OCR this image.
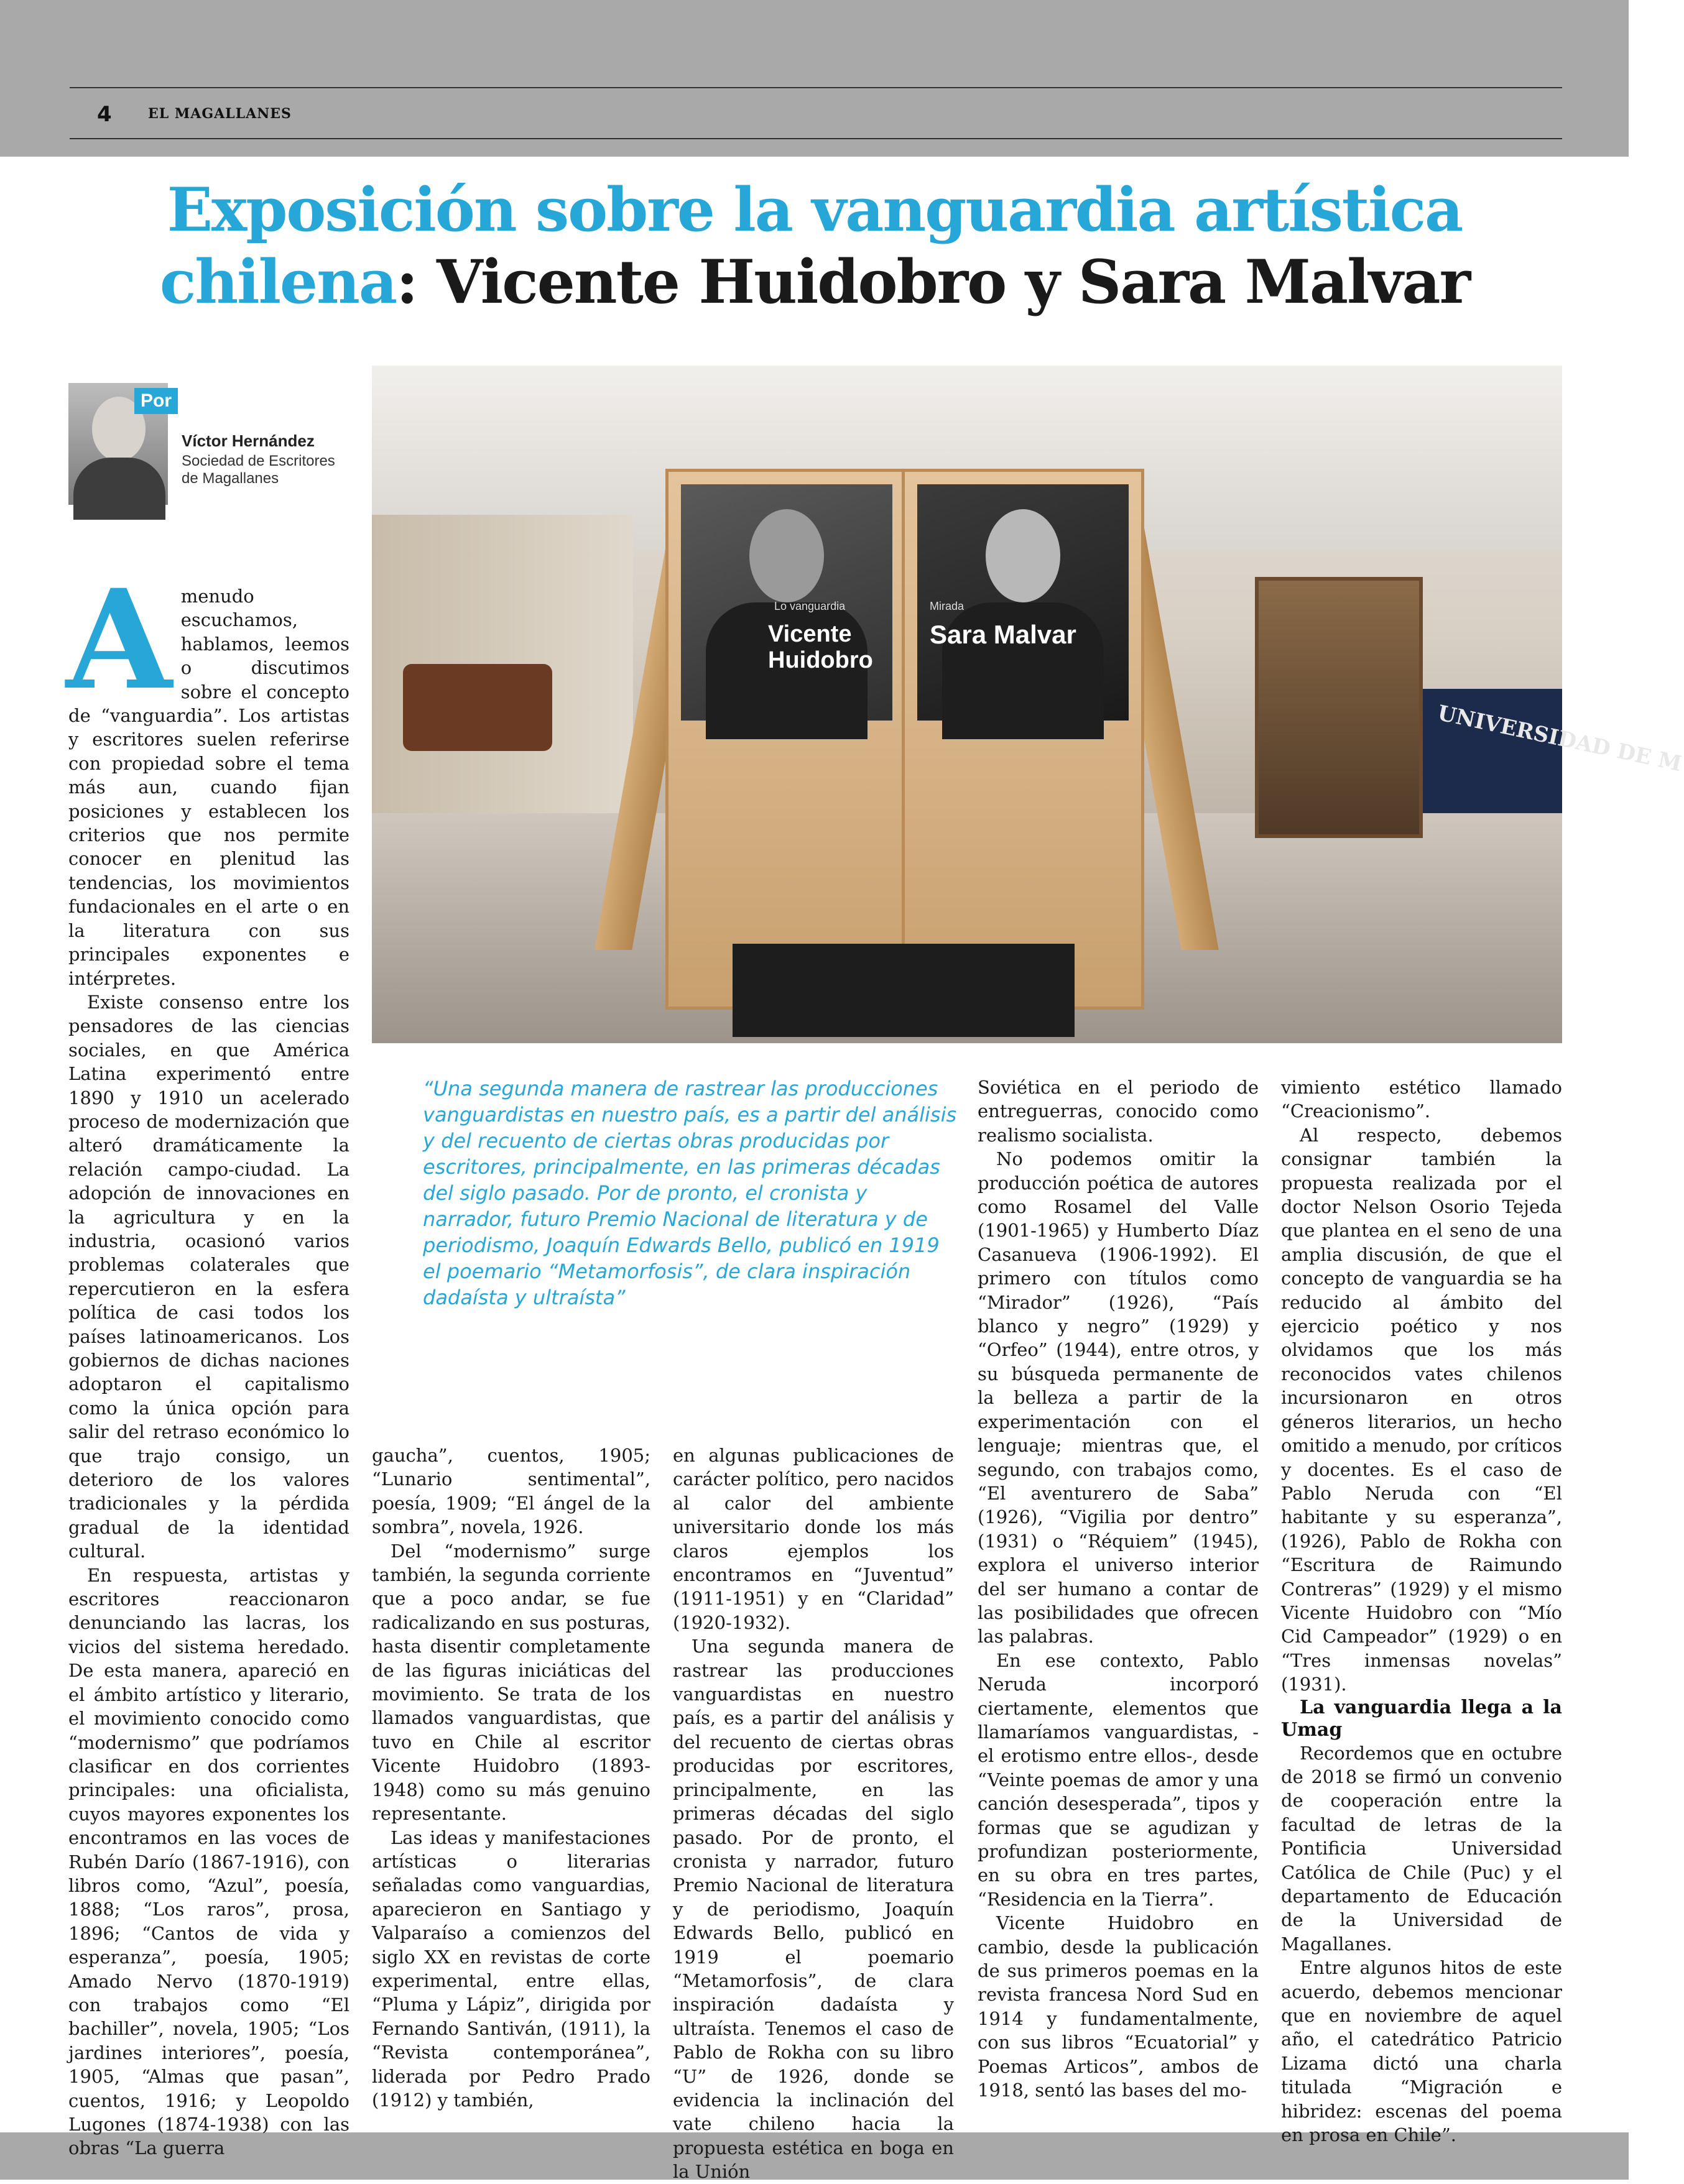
4	EL MAGALLANES
Exposición sobre la vanguardia artística chilena: Vicente Huidobro y Sara Malvar
Por
Víctor Hernández
Sociedad de Escritores de Magallanes
UNIVERSIDAD DE M
Lo vanguardia
Vicente Huidobro
Mirada
Sara Malvar
“Una segunda manera de rastrear las producciones vanguardistas en nuestro país, es a partir del análisis y del recuento de ciertas obras producidas por escritores, principalmente, en las primeras décadas del siglo pasado. Por de pronto, el cronista y narrador, futuro Premio Nacional de literatura y de periodismo, Joaquín Edwards Bello, publicó en 1919 el poemario “Metamorfosis”, de clara inspiración dadaísta y ultraísta”
A menudo escuchamos, hablamos, leemos o discutimos sobre el concepto de “vanguardia”. Los artistas y escritores suelen referirse con propiedad sobre el tema más aun, cuando fijan posiciones y establecen los criterios que nos permite conocer en plenitud las tendencias, los movimientos fundacionales en el arte o en la literatura con sus principales exponentes e intérpretes.

Existe consenso entre los pensadores de las ciencias sociales, en que América Latina experimentó entre 1890 y 1910 un acelerado proceso de modernización que alteró dramáticamente la relación campo-ciudad. La adopción de innovaciones en la agricultura y en la industria, ocasionó varios problemas colaterales que repercutieron en la esfera política de casi todos los países latinoamericanos. Los gobiernos de dichas naciones adoptaron el capitalismo como la única opción para salir del retraso económico lo que trajo consigo, un deterioro de los valores tradicionales y la pérdida gradual de la identidad cultural.

En respuesta, artistas y escritores reaccionaron denunciando las lacras, los vicios del sistema heredado. De esta manera, apareció en el ámbito artístico y literario, el movimiento conocido como “modernismo” que podríamos clasificar en dos corrientes principales: una oficialista, cuyos mayores exponentes los encontramos en las voces de Rubén Darío (1867-1916), con libros como, “Azul”, poesía, 1888; “Los raros”, prosa, 1896; “Cantos de vida y esperanza”, poesía, 1905; Amado Nervo (1870-1919) con trabajos como “El bachiller”, novela, 1905; “Los jardines interiores”, poesía, 1905, “Almas que pasan”, cuentos, 1916; y Leopoldo Lugones (1874-1938) con las obras “La guerra

gaucha”, cuentos, 1905; “Lunario sentimental”, poesía, 1909; “El ángel de la sombra”, novela, 1926.

Del “modernismo” surge también, la segunda corriente que a poco andar, se fue radicalizando en sus posturas, hasta disentir completamente de las figuras iniciáticas del movimiento. Se trata de los llamados vanguardistas, que tuvo en Chile al escritor Vicente Huidobro (1893-1948) como su más genuino representante.

Las ideas y manifestaciones artísticas o literarias señaladas como vanguardias, aparecieron en Santiago y Valparaíso a comienzos del siglo XX en revistas de corte experimental, entre ellas, “Pluma y Lápiz”, dirigida por Fernando Santiván, (1911), la “Revista contemporánea”, liderada por Pedro Prado (1912) y también,

en algunas publicaciones de carácter político, pero nacidos al calor del ambiente universitario donde los más claros ejemplos los encontramos en “Juventud” (1911-1951) y en “Claridad” (1920-1932).

Una segunda manera de rastrear las producciones vanguardistas en nuestro país, es a partir del análisis y del recuento de ciertas obras producidas por escritores, principalmente, en las primeras décadas del siglo pasado. Por de pronto, el cronista y narrador, futuro Premio Nacional de literatura y de periodismo, Joaquín Edwards Bello, publicó en 1919 el poemario “Metamorfosis”, de clara inspiración dadaísta y ultraísta. Tenemos el caso de Pablo de Rokha con su libro “U” de 1926, donde se evidencia la inclinación del vate chileno hacia la propuesta estética en boga en la Unión

Soviética en el periodo de entreguerras, conocido como realismo socialista.

No podemos omitir la producción poética de autores como Rosamel del Valle (1901-1965) y Humberto Díaz Casanueva (1906-1992). El primero con títulos como “Mirador” (1926), “País blanco y negro” (1929) y “Orfeo” (1944), entre otros, y su búsqueda permanente de la belleza a partir de la experimentación con el lenguaje; mientras que, el segundo, con trabajos como, “El aventurero de Saba” (1926), “Vigilia por dentro” (1931) o “Réquiem” (1945), explora el universo interior del ser humano a contar de las posibilidades que ofrecen las palabras.

En ese contexto, Pablo Neruda incorporó ciertamente, elementos que llamaríamos vanguardistas, -el erotismo entre ellos-, desde “Veinte poemas de amor y una canción desesperada”, tipos y formas que se agudizan y profundizan posteriormente, en su obra en tres partes, “Residencia en la Tierra”.

Vicente Huidobro en cambio, desde la publicación de sus primeros poemas en la revista francesa Nord Sud en 1914 y fundamentalmente, con sus libros “Ecuatorial” y Poemas Articos”, ambos de 1918, sentó las bases del mo-

vimiento estético llamado “Creacionismo”.

Al respecto, debemos consignar también la propuesta realizada por el doctor Nelson Osorio Tejeda que plantea en el seno de una amplia discusión, de que el concepto de vanguardia se ha reducido al ámbito del ejercicio poético y nos olvidamos que los más reconocidos vates chilenos incursionaron en otros géneros literarios, un hecho omitido a menudo, por críticos y docentes. Es el caso de Pablo Neruda con “El habitante y su esperanza”, (1926), Pablo de Rokha con “Escritura de Raimundo Contreras” (1929) y el mismo Vicente Huidobro con “Mío Cid Campeador” (1929) o en “Tres inmensas novelas” (1931).

La vanguardia llega a la Umag

Recordemos que en octubre de 2018 se firmó un convenio de cooperación entre la facultad de letras de la Pontificia Universidad Católica de Chile (Puc) y el departamento de Educación de la Universidad de Magallanes.

Entre algunos hitos de este acuerdo, debemos mencionar que en noviembre de aquel año, el catedrático Patricio Lizama dictó una charla titulada “Migración e hibridez: escenas del poema en prosa en Chile”.
